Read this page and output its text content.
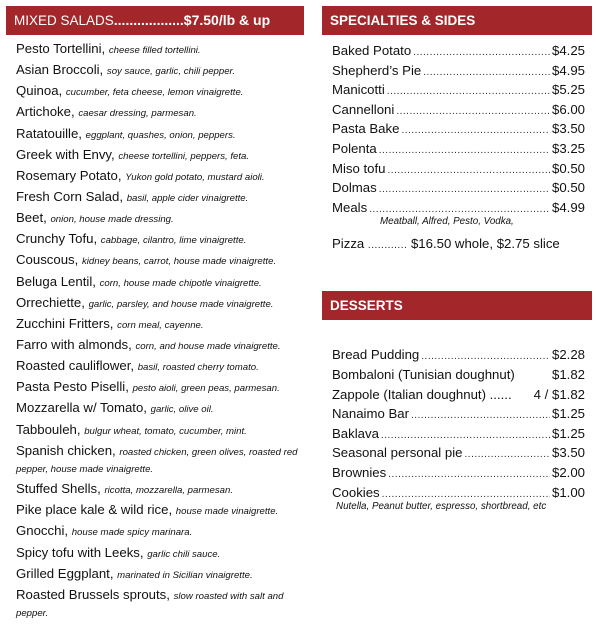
MIXED SALADS..................$7.50/lb & up
Pesto Tortellini, cheese filled tortellini.
Asian Broccoli, soy sauce, garlic, chili pepper.
Quinoa, cucumber, feta cheese, lemon vinaigrette.
Artichoke, caesar dressing, parmesan.
Ratatouille, eggplant, quashes, onion, peppers.
Greek with Envy, cheese tortellini, peppers, feta.
Rosemary Potato, Yukon gold potato, mustard aioli.
Fresh Corn Salad, basil, apple cider vinaigrette.
Beet, onion, house made dressing.
Crunchy Tofu, cabbage, cilantro, lime vinaigrette.
Couscous, kidney beans, carrot, house made vinaigrette.
Beluga Lentil, corn, house made chipotle vinaigrette.
Orrechiette, garlic, parsley, and house made vinaigrette.
Zucchini Fritters, corn meal, cayenne.
Farro with almonds, corn, and house made vinaigrette.
Roasted cauliflower, basil, roasted cherry tomato.
Pasta Pesto Piselli, pesto aioli, green peas, parmesan.
Mozzarella w/ Tomato, garlic, olive oil.
Tabbouleh, bulgur wheat, tomato, cucumber, mint.
Spanish chicken, roasted chicken, green olives, roasted red pepper, house made vinaigrette.
Stuffed Shells, ricotta, mozzarella, parmesan.
Pike place kale & wild rice, house made vinaigrette.
Gnocchi, house made spicy marinara.
Spicy tofu with Leeks, garlic chili sauce.
Grilled Eggplant, marinated in Sicilian vinaigrette.
Roasted Brussels sprouts, slow roasted with salt and pepper.
SPECIALTIES & SIDES
Baked Potato .....	$4.25
Shepherd’s Pie .....	$4.95
Manicotti .....	$5.25
Cannelloni .....	$6.00
Pasta Bake .....	$3.50
Polenta .....	$3.25
Miso tofu .....	$0.50
Dolmas .....	$0.50
Meals .....	$4.99
Meatball, Alfred, Pesto, Vodka,
Pizza ............ $16.50 whole, $2.75 slice
DESSERTS
Bread Pudding .....	$2.28
Bombaloni (Tunisian doughnut)	$1.82
Zappole (Italian doughnut) ...... 4 / $1.82
Nanaimo Bar .....	$1.25
Baklava .....	$1.25
Seasonal personal pie .....	$3.50
Brownies .....	$2.00
Cookies .....	$1.00
Nutella, Peanut butter, espresso, shortbread, etc
